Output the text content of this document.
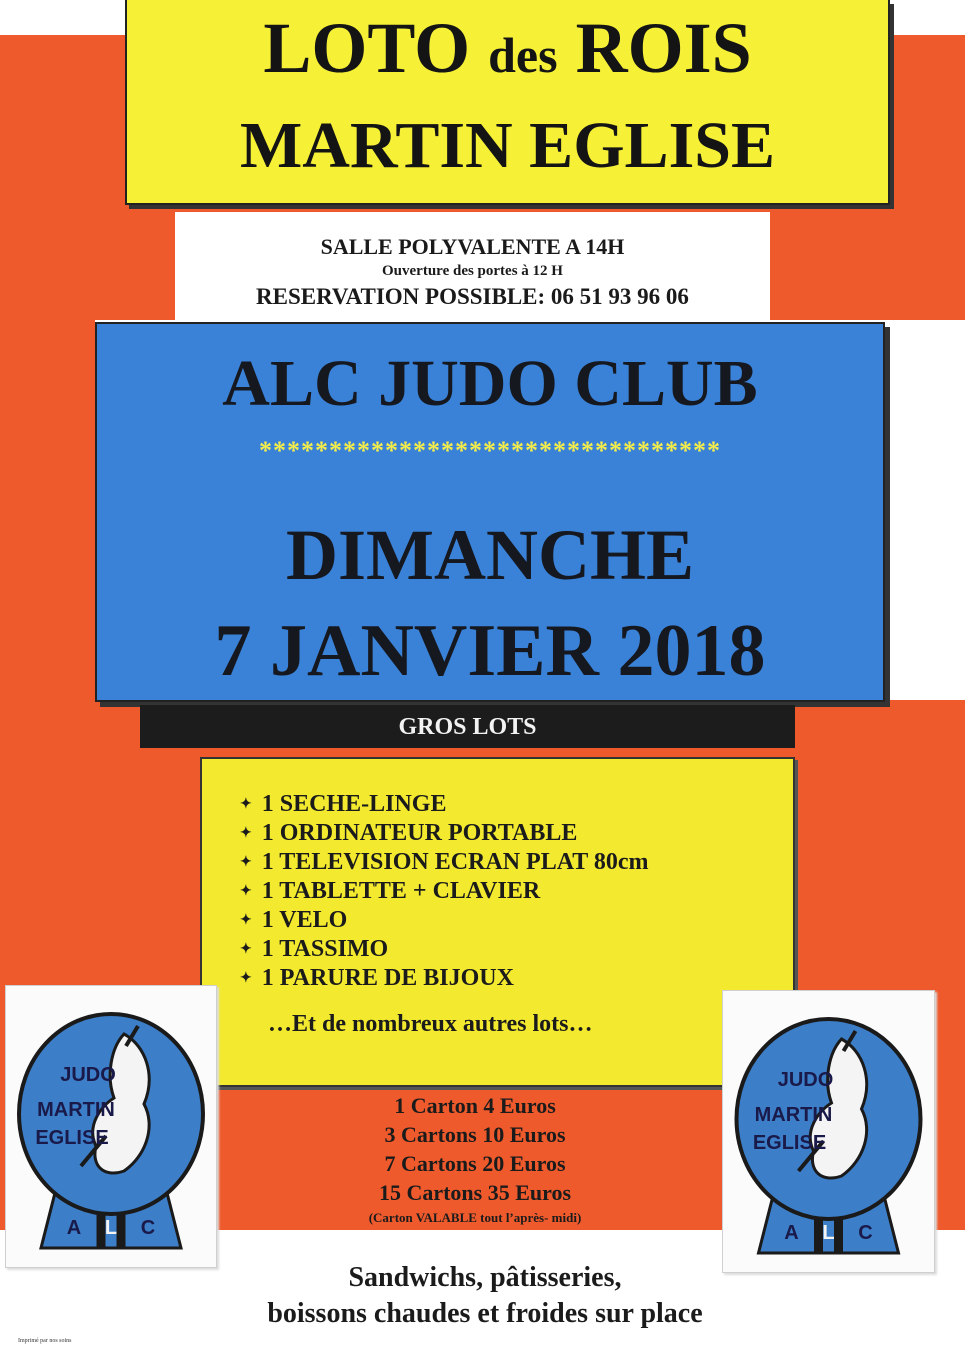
LOTO des ROIS
MARTIN EGLISE
SALLE POLYVALENTE A 14H
Ouverture des portes à 12 H
RESERVATION POSSIBLE: 06 51 93 96 06
ALC JUDO CLUB
*********************************
DIMANCHE
7 JANVIER 2018
GROS LOTS
✦ 1 SECHE-LINGE
✦ 1 ORDINATEUR PORTABLE
✦ 1 TELEVISION ECRAN PLAT 80cm
✦ 1 TABLETTE + CLAVIER
✦ 1 VELO
✦ 1 TASSIMO
✦ 1 PARURE DE BIJOUX
…Et de nombreux autres lots…
1 Carton 4 Euros
3 Cartons 10 Euros
7 Cartons 20 Euros
15 Cartons 35 Euros
(Carton VALABLE tout l’après- midi)
Sandwichs, pâtisseries,
boissons chaudes et froides sur place
Imprimé par nos soins
JUDO
MARTIN
EGLISE
A L C
JUDO
MARTIN
EGLISE
A L C
